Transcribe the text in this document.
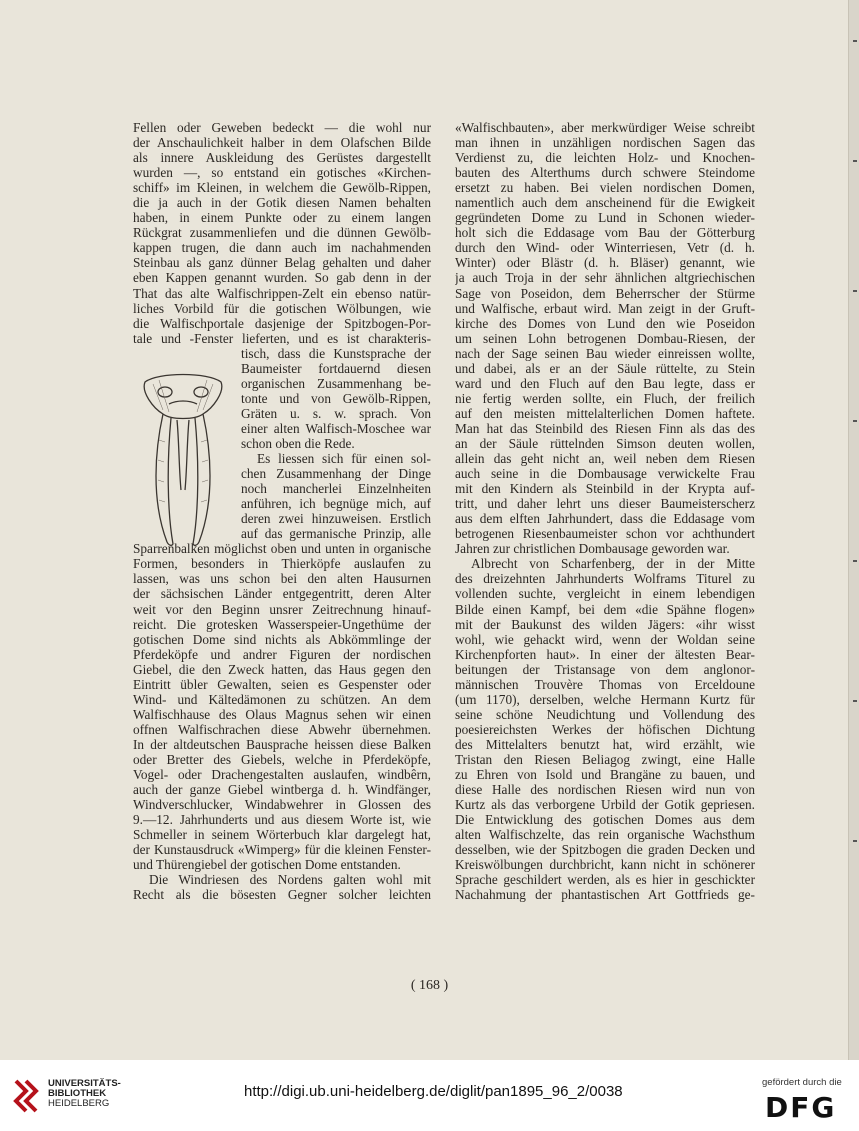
Fellen oder Geweben bedeckt — die wohl nur
der Anschaulichkeit halber in dem Olafschen Bilde
als innere Auskleidung des Gerüstes dargestellt
wurden —, so entstand ein gotisches «Kirchen-
schiff» im Kleinen, in welchem die Gewölb-Rippen,
die ja auch in der Gotik diesen Namen behalten
haben, in einem Punkte oder zu einem langen
Rückgrat zusammenliefen und die dünnen Gewölb-
kappen trugen, die dann auch im nachahmenden
Steinbau als ganz dünner Belag gehalten und daher
eben Kappen genannt wurden. So gab denn in der
That das alte Walfischrippen-Zelt ein ebenso natür-
liches Vorbild für die gotischen Wölbungen, wie
die Walfischportale dasjenige der Spitzbogen-Por-
tale und -Fenster lieferten, und es ist charakteris-
tisch, dass die Kunstsprache der
Baumeister fortdauernd diesen
organischen Zusammenhang be-
tonte und von Gewölb-Rippen,
Gräten u. s. w. sprach. Von
einer alten Walfisch-Moschee war
schon oben die Rede.
Es liessen sich für einen sol-
chen Zusammenhang der Dinge
noch mancherlei Einzelnheiten
anführen, ich begnüge mich, auf
deren zwei hinzuweisen. Erstlich
auf das germanische Prinzip, alle
Sparrenbalken möglichst oben und unten in organische
Formen, besonders in Thierköpfe auslaufen zu
lassen, was uns schon bei den alten Hausurnen
der sächsischen Länder entgegentritt, deren Alter
weit vor den Beginn unsrer Zeitrechnung hinauf-
reicht. Die grotesken Wasserspeier-Ungethüme der
gotischen Dome sind nichts als Abkömmlinge der
Pferdeköpfe und andrer Figuren der nordischen
Giebel, die den Zweck hatten, das Haus gegen den
Eintritt übler Gewalten, seien es Gespenster oder
Wind- und Kältedämonen zu schützen. An dem
Walfischhause des Olaus Magnus sehen wir einen
offnen Walfischrachen diese Abwehr übernehmen.
In der altdeutschen Bausprache heissen diese Balken
oder Bretter des Giebels, welche in Pferdeköpfe,
Vogel- oder Drachengestalten auslaufen, windbêrn,
auch der ganze Giebel wintberga d. h. Windfänger,
Windverschlucker, Windabwehrer in Glossen des
9.—12. Jahrhunderts und aus diesem Worte ist, wie
Schmeller in seinem Wörterbuch klar dargelegt hat,
der Kunstausdruck «Wimperg» für die kleinen Fenster-
und Thürengiebel der gotischen Dome entstanden.
Die Windriesen des Nordens galten wohl mit
Recht als die bösesten Gegner solcher leichten
«Walfischbauten», aber merkwürdiger Weise schreibt
man ihnen in unzähligen nordischen Sagen das
Verdienst zu, die leichten Holz- und Knochen-
bauten des Alterthums durch schwere Steindome
ersetzt zu haben. Bei vielen nordischen Domen,
namentlich auch dem anscheinend für die Ewigkeit
gegründeten Dome zu Lund in Schonen wieder-
holt sich die Eddasage vom Bau der Götterburg
durch den Wind- oder Winterriesen, Vetr (d. h.
Winter) oder Blästr (d. h. Bläser) genannt, wie
ja auch Troja in der sehr ähnlichen altgriechischen
Sage von Poseidon, dem Beherrscher der Stürme
und Walfische, erbaut wird. Man zeigt in der Gruft-
kirche des Domes von Lund den wie Poseidon
um seinen Lohn betrogenen Dombau-Riesen, der
nach der Sage seinen Bau wieder einreissen wollte,
und dabei, als er an der Säule rüttelte, zu Stein
ward und den Fluch auf den Bau legte, dass er
nie fertig werden sollte, ein Fluch, der freilich
auf den meisten mittelalterlichen Domen haftete.
Man hat das Steinbild des Riesen Finn als das des
an der Säule rüttelnden Simson deuten wollen,
allein das geht nicht an, weil neben dem Riesen
auch seine in die Dombausage verwickelte Frau
mit den Kindern als Steinbild in der Krypta auf-
tritt, und daher lehrt uns dieser Baumeisterscherz
aus dem elften Jahrhundert, dass die Eddasage vom
betrogenen Riesenbaumeister schon vor achthundert
Jahren zur christlichen Dombausage geworden war.
Albrecht von Scharfenberg, der in der Mitte
des dreizehnten Jahrhunderts Wolframs Titurel zu
vollenden suchte, vergleicht in einem lebendigen
Bilde einen Kampf, bei dem «die Spähne flogen»
mit der Baukunst des wilden Jägers: «ihr wisst
wohl, wie gehackt wird, wenn der Woldan seine
Kirchenpforten haut». In einer der ältesten Bear-
beitungen der Tristansage von dem anglonor-
männischen Trouvère Thomas von Erceldoune
(um 1170), derselben, welche Hermann Kurtz für
seine schöne Neudichtung und Vollendung des
poesiereichsten Werkes der höfischen Dichtung
des Mittelalters benutzt hat, wird erzählt, wie
Tristan den Riesen Beliagog zwingt, eine Halle
zu Ehren von Isold und Brangäne zu bauen, und
diese Halle des nordischen Riesen wird nun von
Kurtz als das verborgene Urbild der Gotik gepriesen.
Die Entwicklung des gotischen Domes aus dem
alten Walfischzelte, das rein organische Wachsthum
desselben, wie der Spitzbogen die graden Decken und
Kreiswölbungen durchbricht, kann nicht in schönerer
Sprache geschildert werden, als es hier in geschickter
Nachahmung der phantastischen Art Gottfrieds ge-
( 168 )
UNIVERSITÄTS-
BIBLIOTHEK
HEIDELBERG
http://digi.ub.uni-heidelberg.de/diglit/pan1895_96_2/0038
gefördert durch die
DFG
